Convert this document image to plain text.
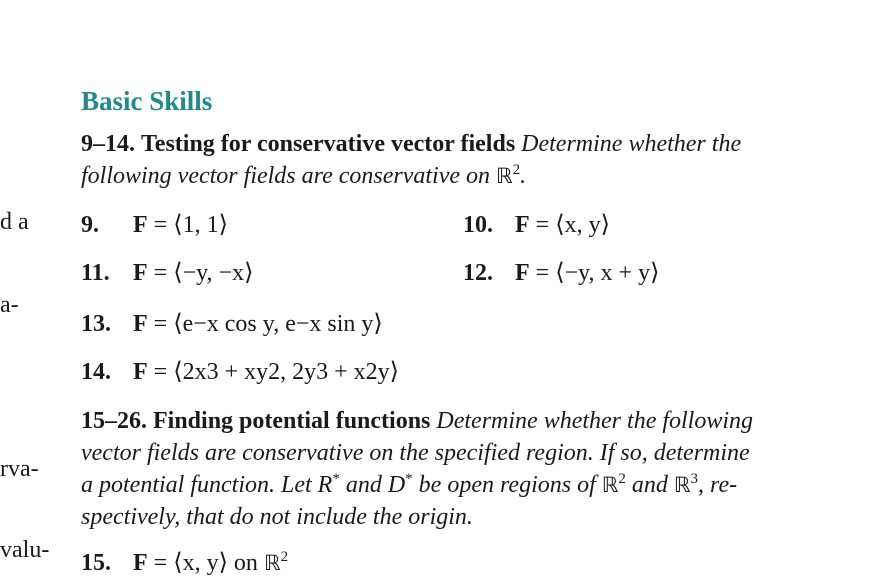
d a
a-
rva-
valu-
Basic Skills
9–14. Testing for conservative vector fields Determine whether the
following vector fields are conservative on ℝ$^2$.
9. F = ⟨1, 1⟩	10. F = ⟨x, y⟩
11. F = ⟨−y, −x⟩	12. F = ⟨−y, x + y⟩
13. F = ⟨e−x cos y, e−x sin y⟩
14. F = ⟨2x3 + xy2, 2y3 + x2y⟩
15–26. Finding potential functions Determine whether the following
vector fields are conservative on the specified region. If so, determine
a potential function. Let R* and D* be open regions of ℝ$^2$ and ℝ$^3$, re-
spectively, that do not include the origin.
15. F = ⟨x, y⟩ on ℝ$^2$
